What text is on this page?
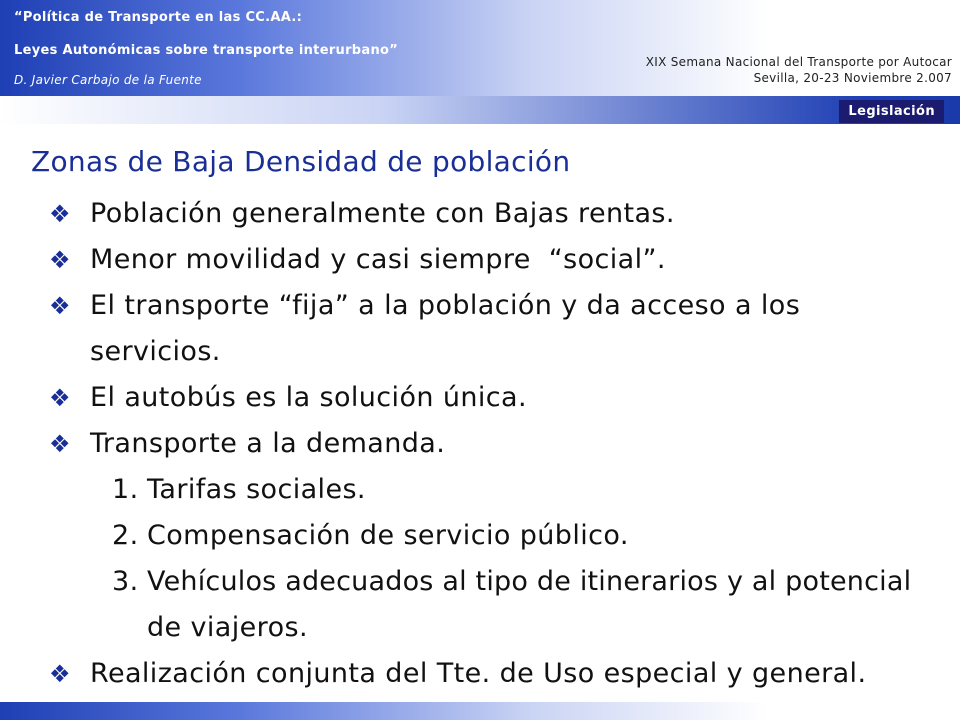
“Política de Transporte en las CC.AA.:
Leyes Autonómicas sobre transporte interurbano”
D. Javier Carbajo de la Fuente
XIX Semana Nacional del Transporte por Autocar
Sevilla, 20-23 Noviembre 2.007
Legislación
Zonas de Baja Densidad de población
❖ Población generalmente con Bajas rentas.
❖ Menor movilidad y casi siempre  “social”.
❖ El transporte “fija” a la población y da acceso a los
servicios.
❖ El autobús es la solución única.
❖ Transporte a la demanda.
1. Tarifas sociales.
2. Compensación de servicio público.
3. Vehículos adecuados al tipo de itinerarios y al potencial
de viajeros.
❖ Realización conjunta del Tte. de Uso especial y general.
